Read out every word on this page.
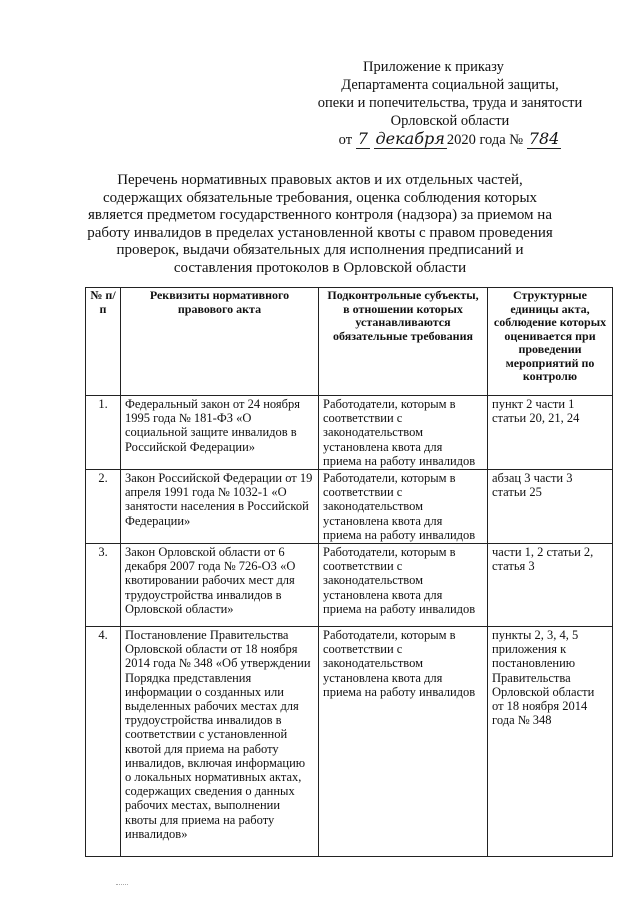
Приложение к приказу
Департамента социальной защиты,
опеки и попечительства, труда и занятости
Орловской области
от 7 декабря 2020 года № 784
Перечень нормативных правовых актов и их отдельных частей, содержащих обязательные требования, оценка соблюдения которых является предметом государственного контроля (надзора) за приемом на работу инвалидов в пределах установленной квоты с правом проведения проверок, выдачи обязательных для исполнения предписаний и составления протоколов в Орловской области
№ п/п	Реквизиты нормативного правового акта	Подконтрольные субъекты, в отношении которых устанавливаются обязательные требования	Структурные единицы акта, соблюдение которых оценивается при проведении мероприятий по контролю
1.	Федеральный закон от 24 ноября 1995 года № 181-ФЗ «О социальной защите инвалидов в Российской Федерации»	Работодатели, которым в соответствии с законодательством установлена квота для приема на работу инвалидов	пункт 2 части 1 статьи 20, 21, 24
2.	Закон Российской Федерации от 19 апреля 1991 года № 1032-1 «О занятости населения в Российской Федерации»	Работодатели, которым в соответствии с законодательством установлена квота для приема на работу инвалидов	абзац 3 части 3 статьи 25
3.	Закон Орловской области от 6 декабря 2007 года № 726-ОЗ «О квотировании рабочих мест для трудоустройства инвалидов в Орловской области»	Работодатели, которым в соответствии с законодательством установлена квота для приема на работу инвалидов	части 1, 2 статьи 2, статья 3
4.	Постановление Правительства Орловской области от 18 ноября 2014 года № 348 «Об утверждении Порядка представления информации о созданных или выделенных рабочих местах для трудоустройства инвалидов в соответствии с установленной квотой для приема на работу инвалидов, включая информацию о локальных нормативных актах, содержащих сведения о данных рабочих местах, выполнении квоты для приема на работу инвалидов»	Работодатели, которым в соответствии с законодательством установлена квота для приема на работу инвалидов	пункты 2, 3, 4, 5 приложения к постановлению Правительства Орловской области от 18 ноября 2014 года № 348
